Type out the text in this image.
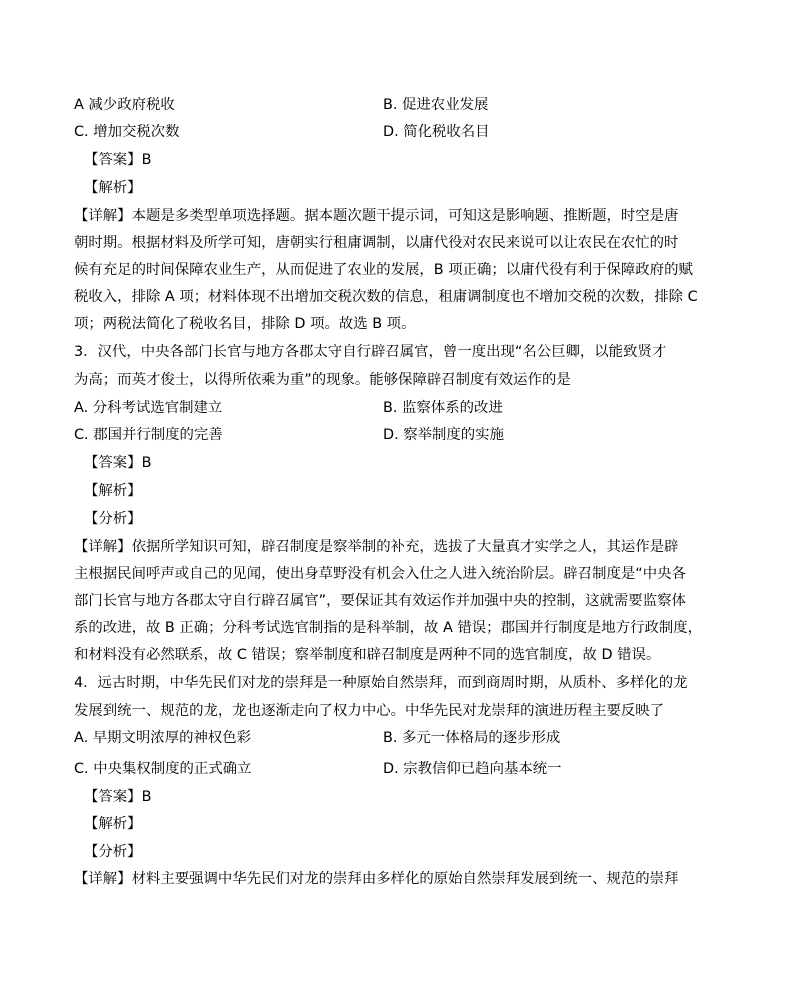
A 减少政府税收	B. 促进农业发展
C. 增加交税次数	D. 简化税收名目
【答案】B
【解析】
【详解】本题是多类型单项选择题。据本题次题干提示词，可知这是影响题、推断题，时空是唐
朝时期。根据材料及所学可知，唐朝实行租庸调制，以庸代役对农民来说可以让农民在农忙的时
候有充足的时间保障农业生产，从而促进了农业的发展，B 项正确；以庸代役有利于保障政府的赋
税收入，排除 A 项；材料体现不出增加交税次数的信息，租庸调制度也不增加交税的次数，排除 C
项；两税法简化了税收名目，排除 D 项。故选 B 项。
3．汉代，中央各部门长官与地方各郡太守自行辟召属官，曾一度出现“名公巨卿，以能致贤才
为高；而英才俊士，以得所依乘为重”的现象。能够保障辟召制度有效运作的是
A. 分科考试选官制建立	B. 监察体系的改进
C. 郡国并行制度的完善	D. 察举制度的实施
【答案】B
【解析】
【分析】
【详解】依据所学知识可知，辟召制度是察举制的补充，选拔了大量真才实学之人，其运作是辟
主根据民间呼声或自己的见闻，使出身草野没有机会入仕之人进入统治阶层。辟召制度是“中央各
部门长官与地方各郡太守自行辟召属官”，要保证其有效运作并加强中央的控制，这就需要监察体
系的改进，故 B 正确；分科考试选官制指的是科举制，故 A 错误；郡国并行制度是地方行政制度，
和材料没有必然联系，故 C 错误；察举制度和辟召制度是两种不同的选官制度，故 D 错误。
4．远古时期，中华先民们对龙的崇拜是一种原始自然崇拜，而到商周时期，从质朴、多样化的龙
发展到统一、规范的龙，龙也逐渐走向了权力中心。中华先民对龙崇拜的演进历程主要反映了
A. 早期文明浓厚的神权色彩	B. 多元一体格局的逐步形成
C. 中央集权制度的正式确立	D. 宗教信仰已趋向基本统一
【答案】B
【解析】
【分析】
【详解】材料主要强调中华先民们对龙的崇拜由多样化的原始自然崇拜发展到统一、规范的崇拜
